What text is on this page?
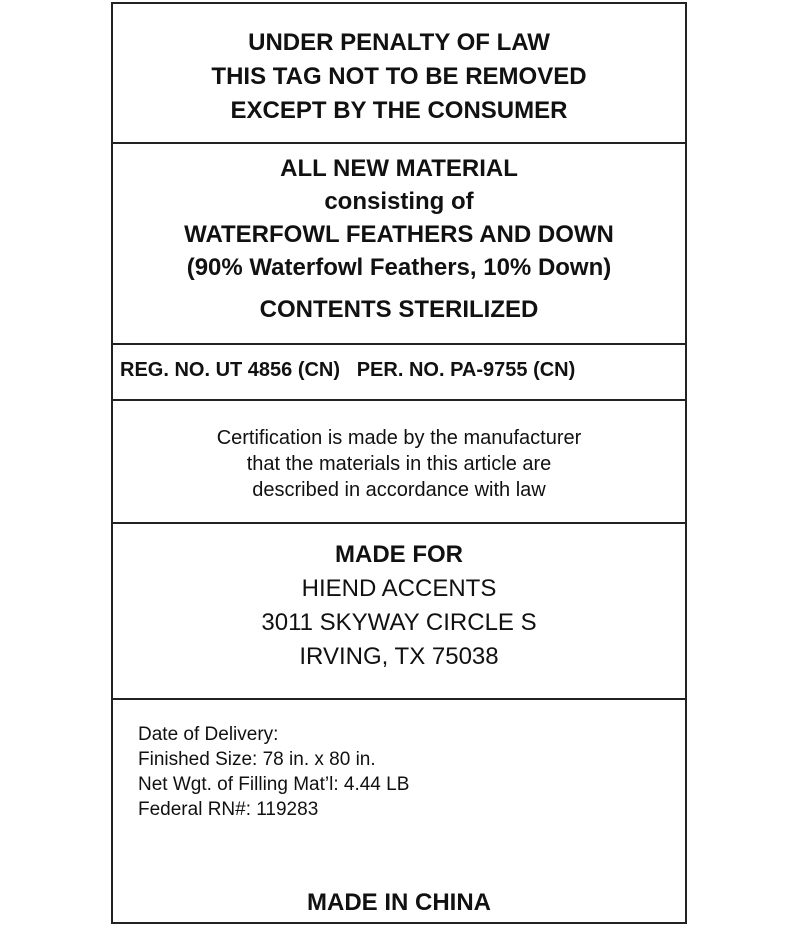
UNDER PENALTY OF LAW
THIS TAG NOT TO BE REMOVED
EXCEPT BY THE CONSUMER
ALL NEW MATERIAL
consisting of
WATERFOWL FEATHERS AND DOWN
(90% Waterfowl Feathers, 10% Down)
CONTENTS STERILIZED
REG. NO. UT 4856 (CN) PER. NO. PA-9755 (CN)
Certification is made by the manufacturer
that the materials in this article are
described in accordance with law
MADE FOR
HIEND ACCENTS
3011 SKYWAY CIRCLE S
IRVING, TX 75038
Date of Delivery:
Finished Size: 78 in. x 80 in.
Net Wgt. of Filling Mat’l: 4.44 LB
Federal RN#: 119283
MADE IN CHINA
